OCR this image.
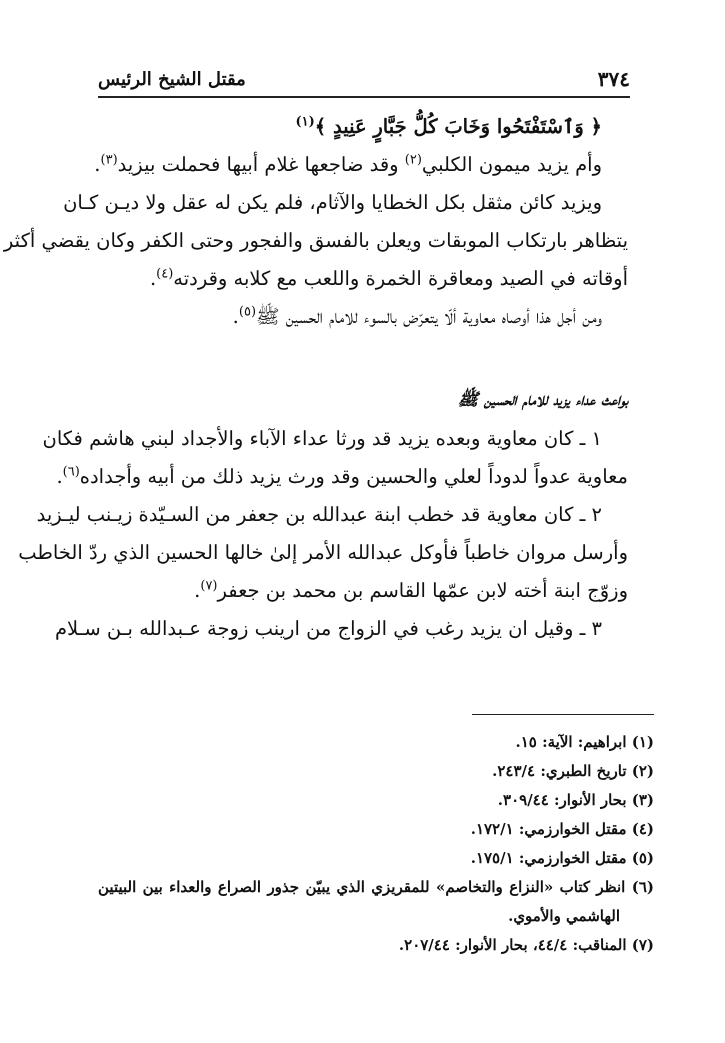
مقتل الشيخ الرئيس	٣٧٤
﴿ وَٱسْتَفْتَحُوا وَخَابَ كُلُّ جَبَّارٍ عَنِيدٍ ﴾$^{(١)}$
وأم يزيد ميمون الكلبي$^{(٢)}$ وقد ضاجعها غلام أبيها فحملت بيزيد$^{(٣)}$.
ويزيد كائن مثقل بكل الخطايا والآثام، فلم يكن له عقل ولا ديـن كـان
يتظاهر بارتكاب الموبقات ويعلن بالفسق والفجور وحتى الكفر وكان يقضي أكثر
أوقاته في الصيد ومعاقرة الخمرة واللعب مع كلابه وقردته$^{(٤)}$.
ومن أجل هذا أوصاه معاوية ألّا يتعرّض بالسوء للامام الحسين ﷺ$^{(٥)}$.
بواعث عداء يزيد للامام الحسين ﷺ
١ ـ كان معاوية وبعده يزيد قد ورثا عداء الآباء والأجداد لبني هاشم فكان
معاوية عدواً لدوداً لعلي والحسين وقد ورث يزيد ذلك من أبيه وأجداده$^{(٦)}$.
٢ ـ كان معاوية قد خطب ابنة عبدالله بن جعفر من السـيّدة زيـنب ليـزيد
وأرسل مروان خاطباً فأوكل عبدالله الأمر إلىٰ خالها الحسين الذي ردّ الخاطب
وزوّج ابنة أخته لابن عمّها القاسم بن محمد بن جعفر$^{(٧)}$.
٣ ـ وقيل ان يزيد رغب في الزواج من ارينب زوجة عـبدالله بـن سـلام
(١) ابراهيم: الآية: ١٥.
(٢) تاريخ الطبري: ٢٤٣/٤.
(٣) بحار الأنوار: ٣٠٩/٤٤.
(٤) مقتل الخوارزمي: ١٧٢/١.
(٥) مقتل الخوارزمي: ١٧٥/١.
(٦) انظر كتاب «النزاع والتخاصم» للمقريزي الذي يبيّن جذور الصراع والعداء بين البيتين
الهاشمي والأموي.
(٧) المناقب: ٤٤/٤، بحار الأنوار: ٢٠٧/٤٤.
